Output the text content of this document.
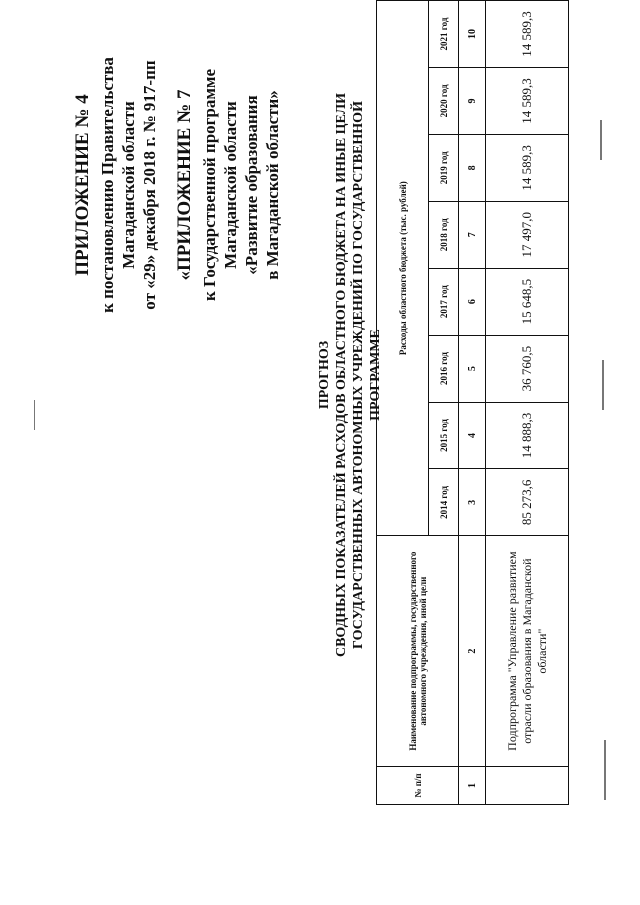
ПРИЛОЖЕНИЕ № 4 к постановлению Правительства Магаданской области от «29» декабря 2018 г. № 917-пп «ПРИЛОЖЕНИЕ № 7 к Государственной программе Магаданской области «Развитие образования в Магаданской области»
ПРОГНОЗ СВОДНЫХ ПОКАЗАТЕЛЕЙ РАСХОДОВ ОБЛАСТНОГО БЮДЖЕТА НА ИНЫЕ ЦЕЛИ ГОСУДАРСТВЕННЫХ АВТОНОМНЫХ УЧРЕЖДЕНИЙ ПО ГОСУДАРСТВЕННОЙ ПРОГРАММЕ
№ п/п	Наименование подпрограммы, государственного автономного учреждения, иной цели	Расходы областного бюджета (тыс. рублей)							
		2014 год	2015 год	2016 год	2017 год	2018 год	2019 год	2020 год	2021 год
1	2	3	4	5	6	7	8	9	10
	Подпрограмма "Управление развитием отрасли образования в Магаданской области"	85 273,6	14 888,3	36 760,5	15 648,5	17 497,0	14 589,3	14 589,3	14 589,3
